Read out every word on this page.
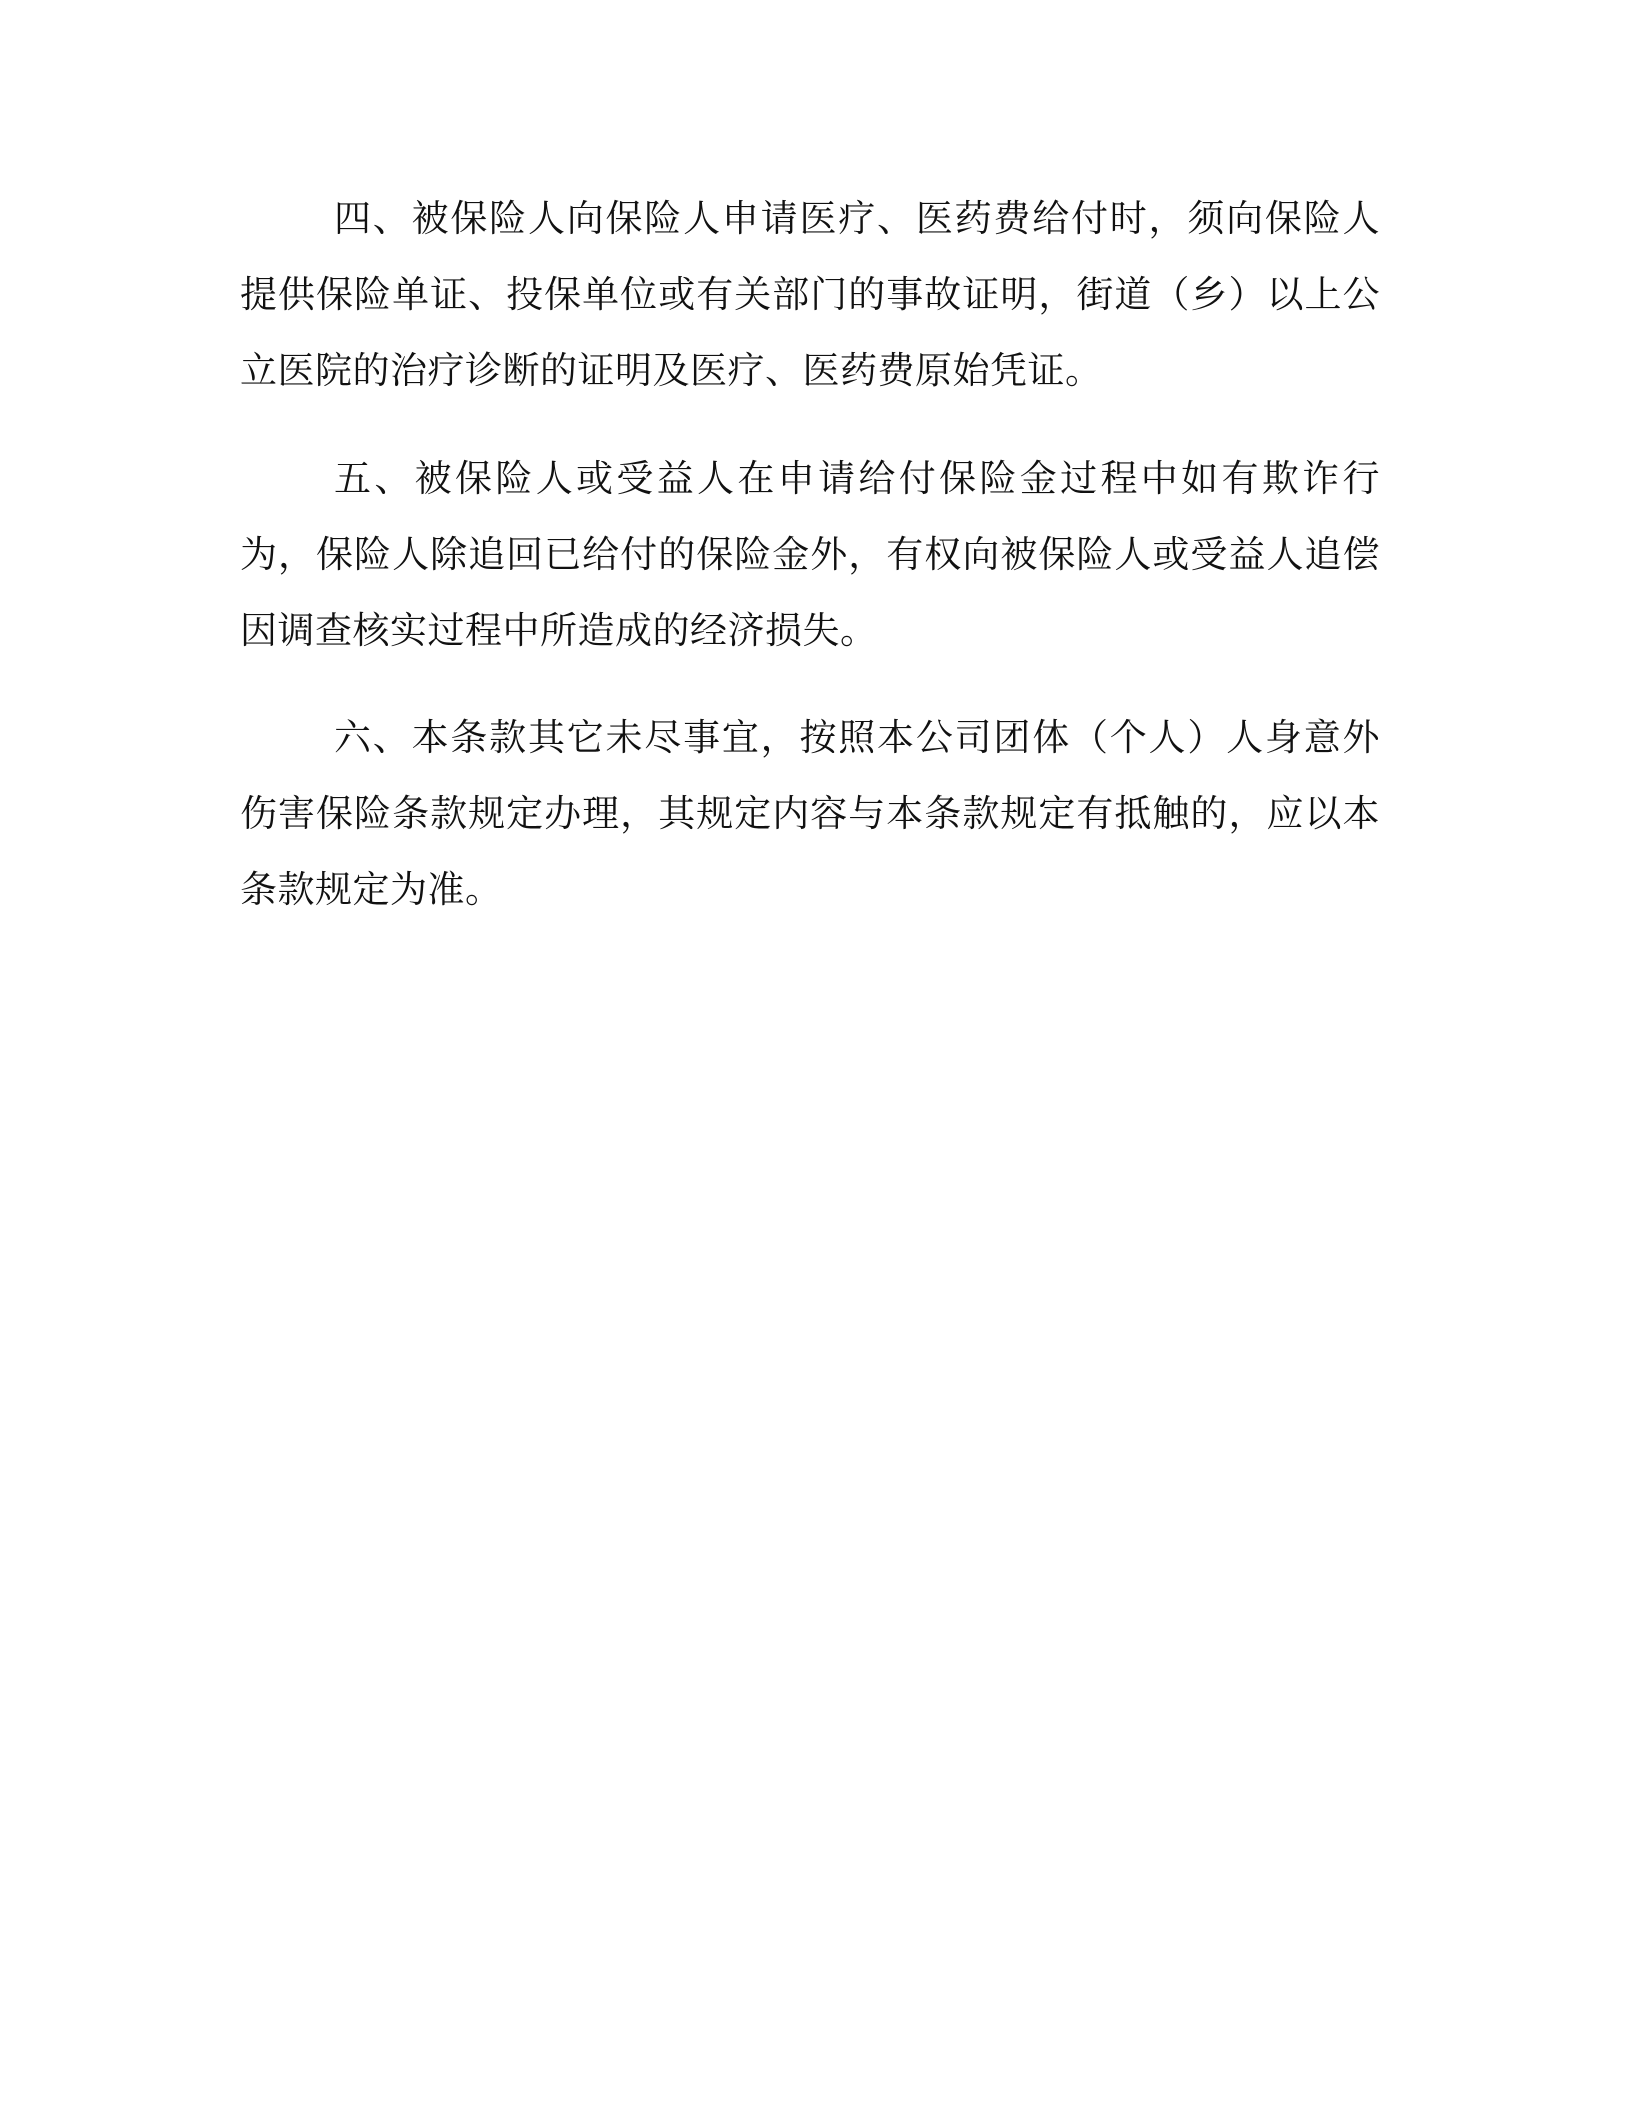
四、被保险人向保险人申请医疗、医药费给付时，须向保险人提供保险单证、投保单位或有关部门的事故证明，街道（乡）以上公立医院的治疗诊断的证明及医疗、医药费原始凭证。

五、被保险人或受益人在申请给付保险金过程中如有欺诈行为，保险人除追回已给付的保险金外，有权向被保险人或受益人追偿因调查核实过程中所造成的经济损失。

六、本条款其它未尽事宜，按照本公司团体（个人）人身意外伤害保险条款规定办理，其规定内容与本条款规定有抵触的，应以本条款规定为准。
